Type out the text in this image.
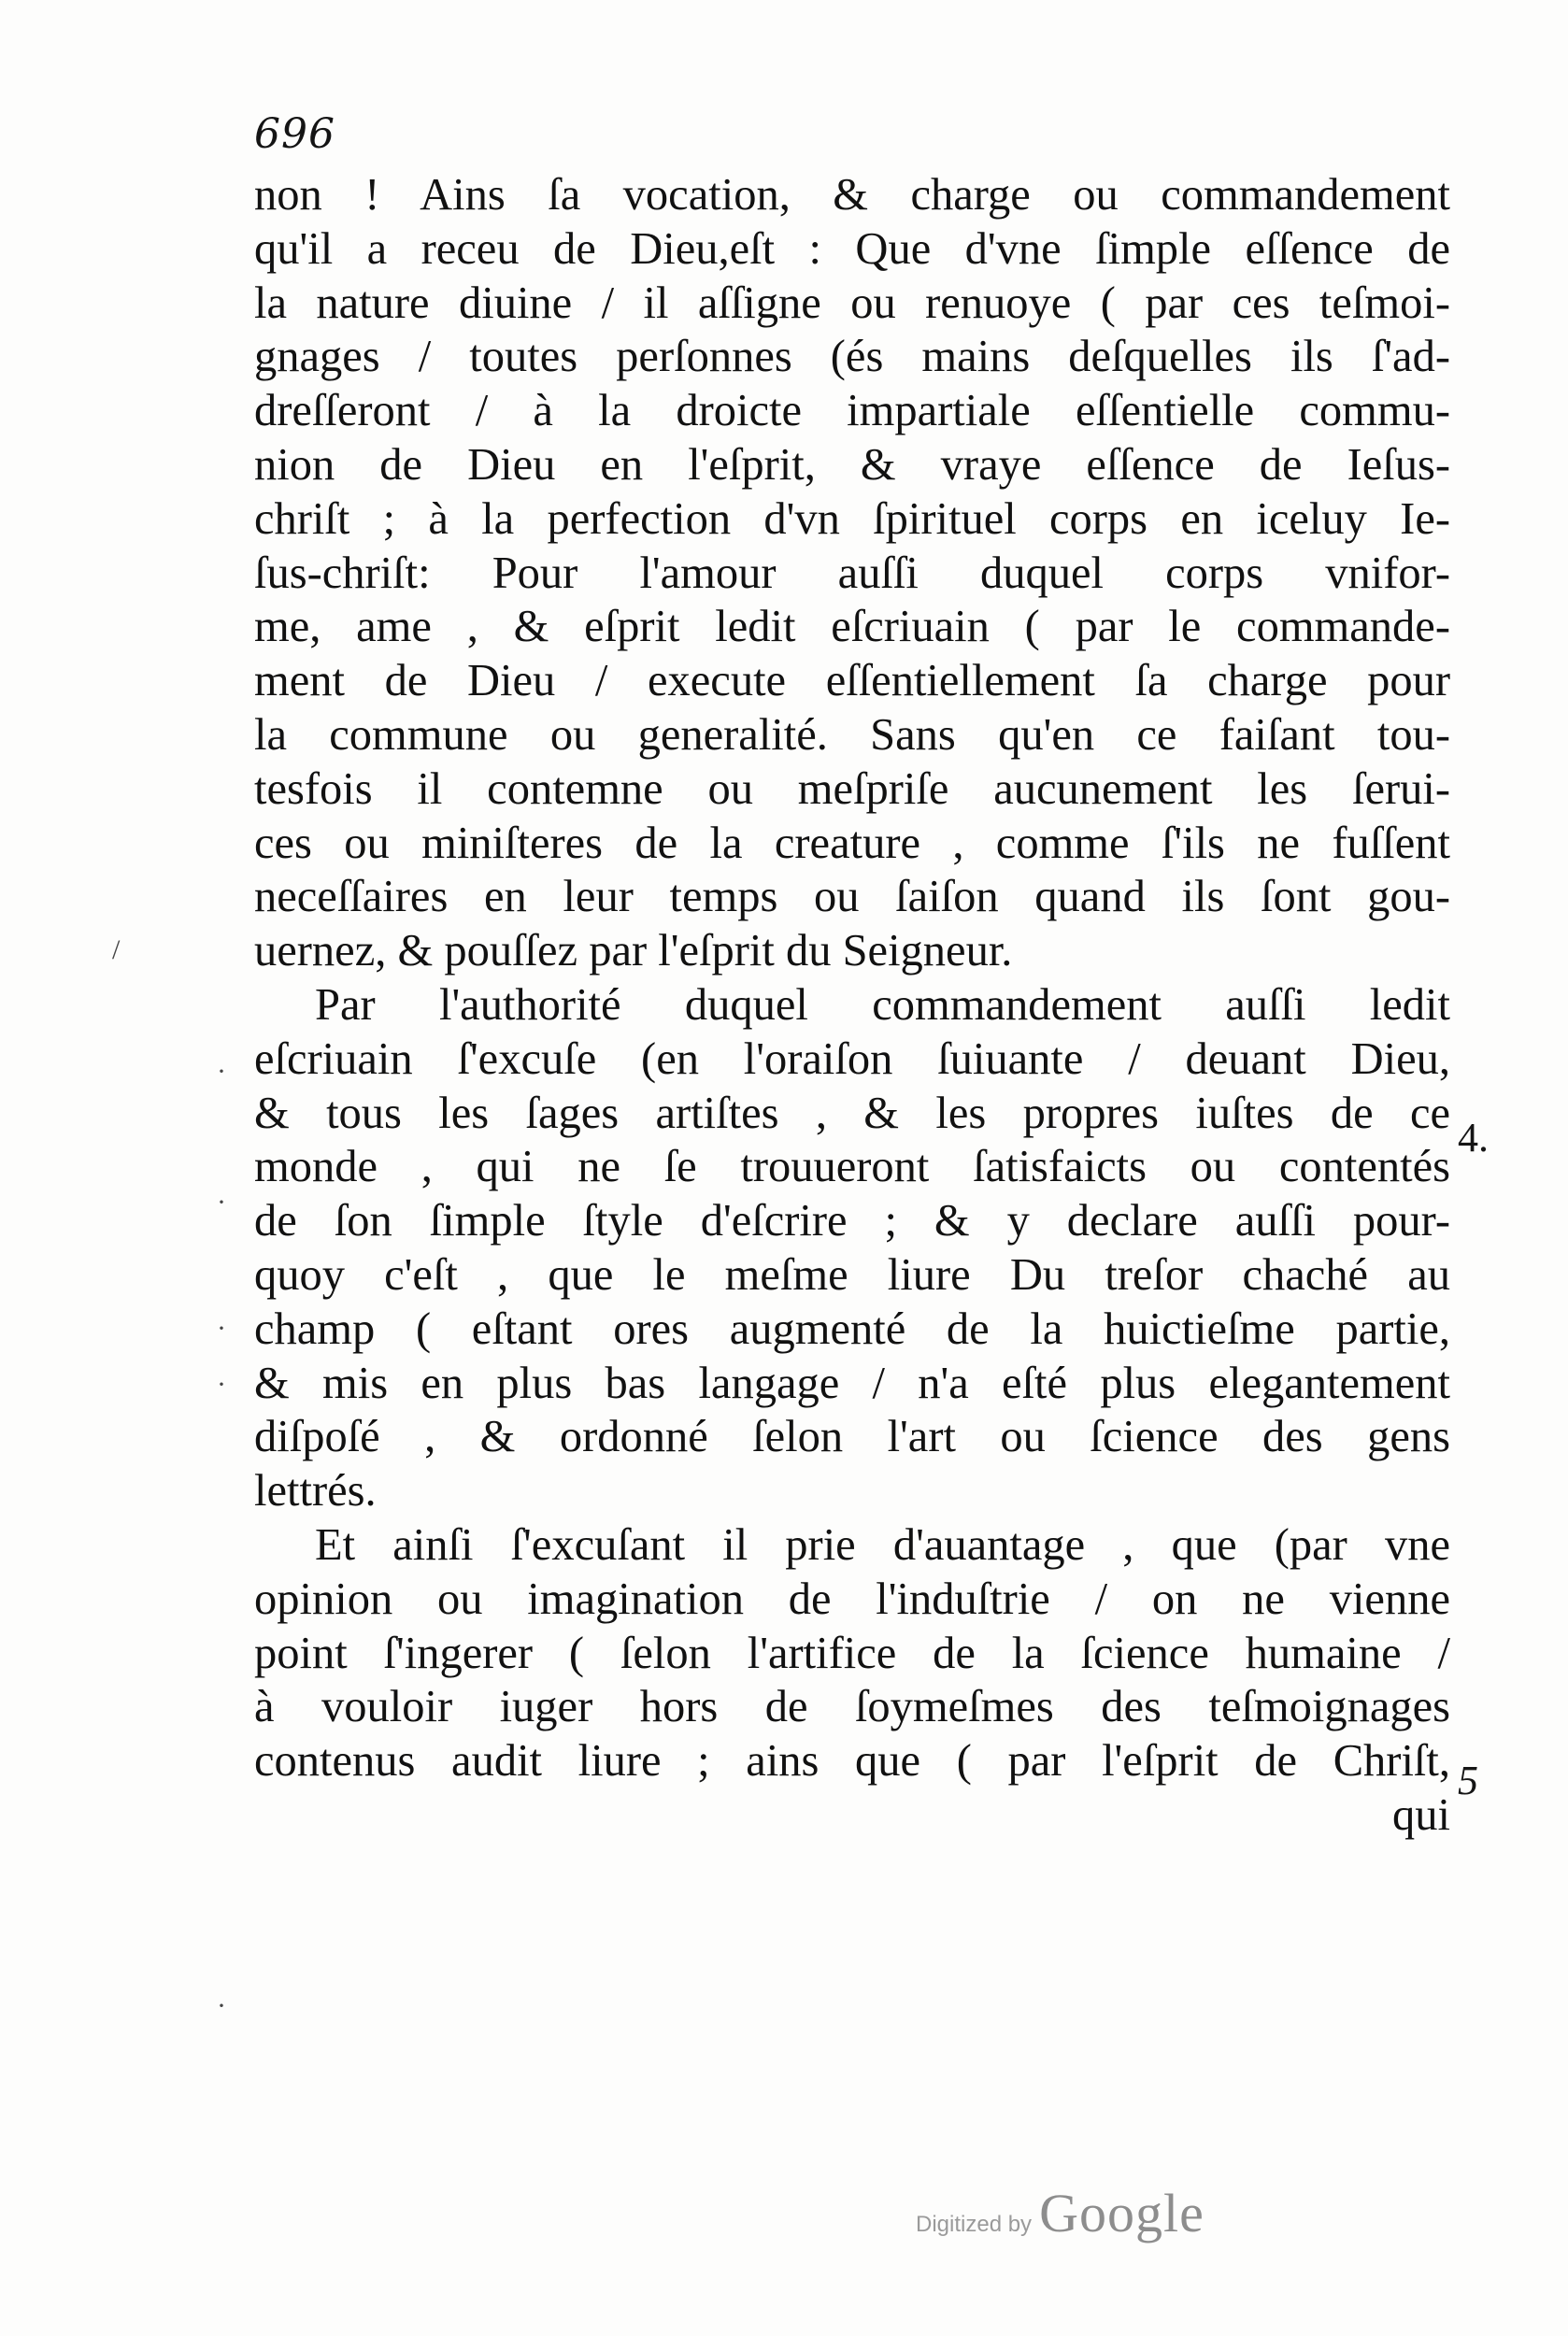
696
non ! Ains ſa vocation, & charge ou commandement
qu'il a receu de Dieu,eſt : Que d'vne ſimple eſſence de
la nature diuine / il aſſigne ou renuoye ( par ces teſmoi-
gnages / toutes perſonnes (és mains deſquelles ils ſ'ad-
dreſſeront / à la droicte impartiale eſſentielle commu-
nion de Dieu en l'eſprit, & vraye eſſence de Ieſus-
chriſt ; à la perfection d'vn ſpirituel corps en iceluy Ie-
ſus-chriſt: Pour l'amour auſſi duquel corps vnifor-
me, ame , & eſprit ledit eſcriuain ( par le commande-
ment de Dieu / execute eſſentiellement ſa charge pour
la commune ou generalité. Sans qu'en ce faiſant tou-
tesfois il contemne ou meſpriſe aucunement les ſerui-
ces ou miniſteres de la creature , comme ſ'ils ne fuſſent
neceſſaires en leur temps ou ſaiſon quand ils ſont gou-
uernez, & pouſſez par l'eſprit du Seigneur.
Par l'authorité duquel commandement auſſi ledit
eſcriuain ſ'excuſe (en l'oraiſon ſuiuante / deuant Dieu,
& tous les ſages artiſtes , & les propres iuſtes de ce
monde , qui ne ſe trouueront ſatisfaicts ou contentés
de ſon ſimple ſtyle d'eſcrire ; & y declare auſſi pour-
quoy c'eſt , que le meſme liure Du treſor chaché au
champ ( eſtant ores augmenté de la huictieſme partie,
& mis en plus bas langage / n'a eſté plus elegantement
diſpoſé , & ordonné ſelon l'art ou ſcience des gens
lettrés.
Et ainſi ſ'excuſant il prie d'auantage , que (par vne
opinion ou imagination de l'induſtrie / on ne vienne
point ſ'ingerer ( ſelon l'artifice de la ſcience humaine /
à vouloir iuger hors de ſoymeſmes des teſmoignages
contenus audit liure ; ains que ( par l'eſprit de Chriſt,
qui
4.
5
/
·
·
·
·
·
Digitized by Google
